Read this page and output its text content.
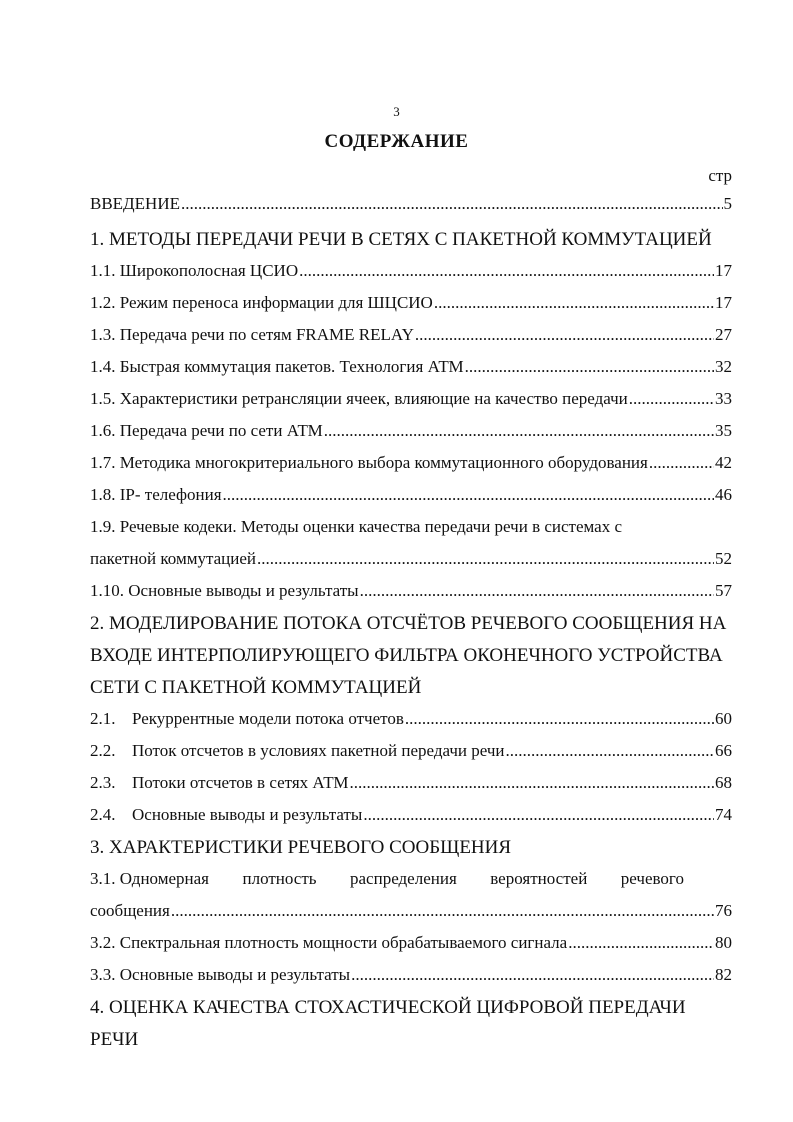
3
СОДЕРЖАНИЕ
стр
ВВЕДЕНИЕ .....	5
1. МЕТОДЫ ПЕРЕДАЧИ РЕЧИ В СЕТЯХ С ПАКЕТНОЙ КОММУТАЦИЕЙ
1.1. Широкополосная ЦСИО .....	17
1.2. Режим переноса информации для ШЦСИО .....	17
1.3. Передача речи по сетям FRAME RELAY .....	27
1.4. Быстрая коммутация пакетов. Технология АТМ .....	32
1.5. Характеристики ретрансляции ячеек, влияющие на качество передачи .....	33
1.6. Передача речи по сети АТМ .....	35
1.7. Методика многокритериального выбора коммутационного оборудования .....	42
1.8. IP- телефония .....	46
1.9. Речевые кодеки. Методы оценки качества передачи речи в системах с
пакетной коммутацией .....	52
1.10. Основные выводы и результаты .....	57
2. МОДЕЛИРОВАНИЕ ПОТОКА ОТСЧЁТОВ РЕЧЕВОГО СООБЩЕНИЯ НА
ВХОДЕ ИНТЕРПОЛИРУЮЩЕГО ФИЛЬТРА ОКОНЕЧНОГО УСТРОЙСТВА
СЕТИ С ПАКЕТНОЙ КОММУТАЦИЕЙ
2.1. Рекуррентные модели потока отчетов .....	60
2.2. Поток отсчетов в условиях пакетной передачи речи .....	66
2.3. Потоки отсчетов в сетях АТМ .....	68
2.4. Основные выводы и результаты .....	74
3. ХАРАКТЕРИСТИКИ РЕЧЕВОГО СООБЩЕНИЯ
3.1. Одномерная плотность распределения вероятностей речевого
сообщения .....	76
3.2. Спектральная плотность мощности обрабатываемого сигнала .....	80
3.3. Основные выводы и результаты .....	82
4. ОЦЕНКА КАЧЕСТВА СТОХАСТИЧЕСКОЙ ЦИФРОВОЙ ПЕРЕДАЧИ
РЕЧИ
